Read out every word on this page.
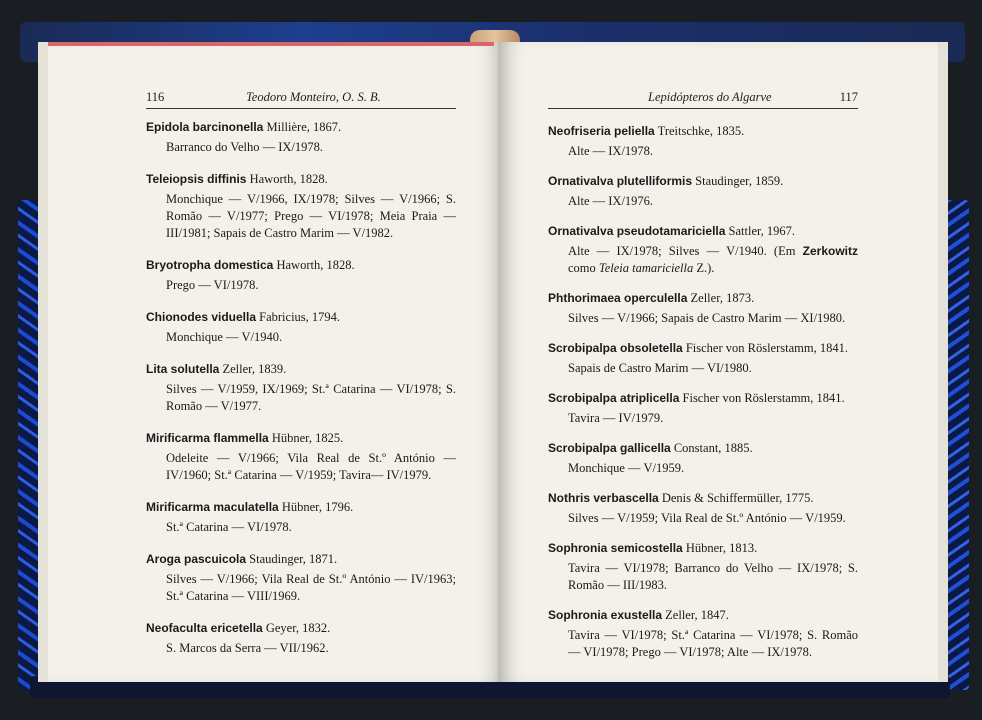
116	Teodoro Monteiro, O. S. B.
Epidola barcinonella Millière, 1867.
Barranco do Velho — IX/1978.
Teleiopsis diffinis Haworth, 1828.
Monchique — V/1966, IX/1978; Silves — V/1966; S. Romão — V/1977; Prego — VI/1978; Meia Praia — III/1981; Sapais de Castro Marim — V/1982.
Bryotropha domestica Haworth, 1828.
Prego — VI/1978.
Chionodes viduella Fabricius, 1794.
Monchique — V/1940.
Lita solutella Zeller, 1839.
Silves — V/1959, IX/1969; St.ª Catarina — VI/1978; S. Romão — V/1977.
Mirificarma flammella Hübner, 1825.
Odeleite — V/1966; Vila Real de St.º António — IV/1960; St.ª Catarina — V/1959; Tavira— IV/1979.
Mirificarma maculatella Hübner, 1796.
St.ª Catarina — VI/1978.
Aroga pascuicola Staudinger, 1871.
Silves — V/1966; Vila Real de St.º António — IV/1963; St.ª Catarina — VIII/1969.
Neofaculta ericetella Geyer, 1832.
S. Marcos da Serra — VII/1962.
Lepidópteros do Algarve	117
Neofriseria peliella Treitschke, 1835.
Alte — IX/1978.
Ornativalva plutelliformis Staudinger, 1859.
Alte — IX/1976.
Ornativalva pseudotamariciella Sattler, 1967.
Alte — IX/1978; Silves — V/1940. (Em Zerkowitz como Teleia tamariciella Z.).
Phthorimaea operculella Zeller, 1873.
Silves — V/1966; Sapais de Castro Marim — XI/1980.
Scrobipalpa obsoletella Fischer von Röslerstamm, 1841.
Sapais de Castro Marim — VI/1980.
Scrobipalpa atriplicella Fischer von Röslerstamm, 1841.
Tavira — IV/1979.
Scrobipalpa gallicella Constant, 1885.
Monchique — V/1959.
Nothris verbascella Denis & Schiffermüller, 1775.
Silves — V/1959; Vila Real de St.º António — V/1959.
Sophronia semicostella Hübner, 1813.
Tavira — VI/1978; Barranco do Velho — IX/1978; S. Romão — III/1983.
Sophronia exustella Zeller, 1847.
Tavira — VI/1978; St.ª Catarina — VI/1978; S. Romão — VI/1978; Prego — VI/1978; Alte — IX/1978.
